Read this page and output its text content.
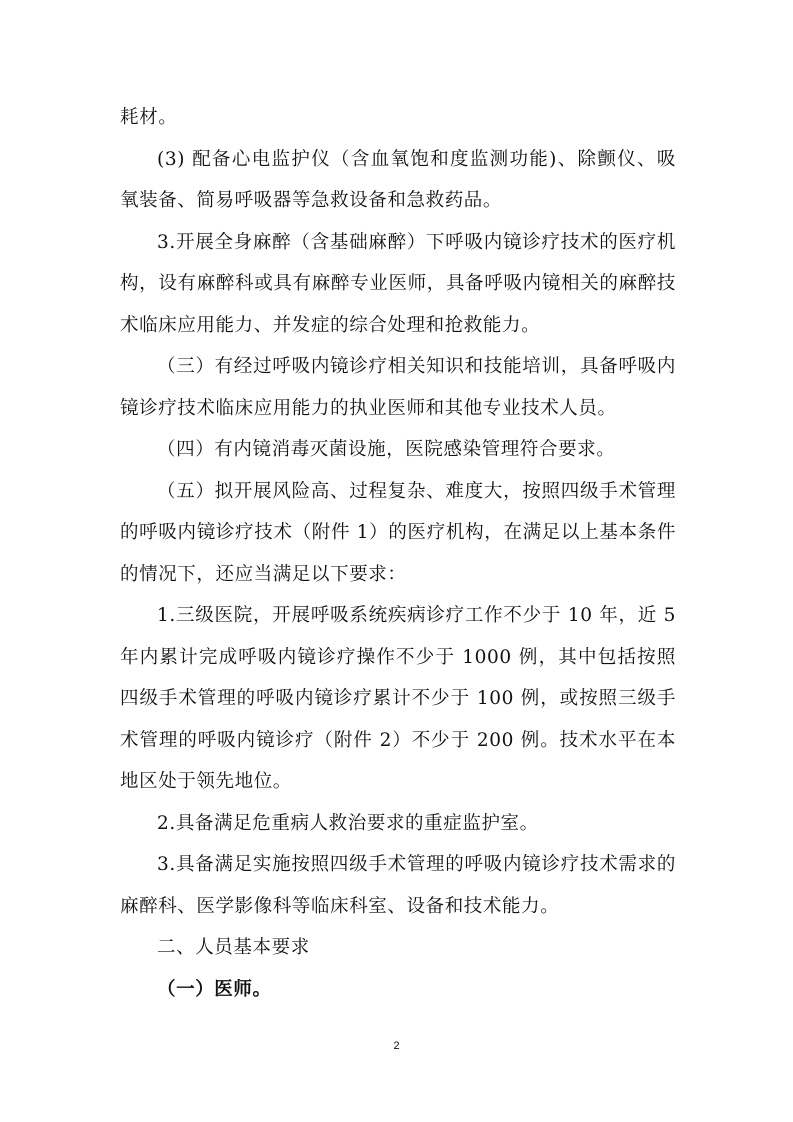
耗材。

(3) 配备心电监护仪（含血氧饱和度监测功能)、除颤仪、吸氧装备、简易呼吸器等急救设备和急救药品。

3.开展全身麻醉（含基础麻醉）下呼吸内镜诊疗技术的医疗机构，设有麻醉科或具有麻醉专业医师，具备呼吸内镜相关的麻醉技术临床应用能力、并发症的综合处理和抢救能力。

（三）有经过呼吸内镜诊疗相关知识和技能培训，具备呼吸内镜诊疗技术临床应用能力的执业医师和其他专业技术人员。

（四）有内镜消毒灭菌设施，医院感染管理符合要求。

（五）拟开展风险高、过程复杂、难度大，按照四级手术管理的呼吸内镜诊疗技术（附件 1）的医疗机构，在满足以上基本条件的情况下，还应当满足以下要求：

1.三级医院，开展呼吸系统疾病诊疗工作不少于 10 年，近 5 年内累计完成呼吸内镜诊疗操作不少于 1000 例，其中包括按照四级手术管理的呼吸内镜诊疗累计不少于 100 例，或按照三级手术管理的呼吸内镜诊疗（附件 2）不少于 200 例。技术水平在本地区处于领先地位。

2.具备满足危重病人救治要求的重症监护室。

3.具备满足实施按照四级手术管理的呼吸内镜诊疗技术需求的麻醉科、医学影像科等临床科室、设备和技术能力。

二、人员基本要求

（一）医师。

2
